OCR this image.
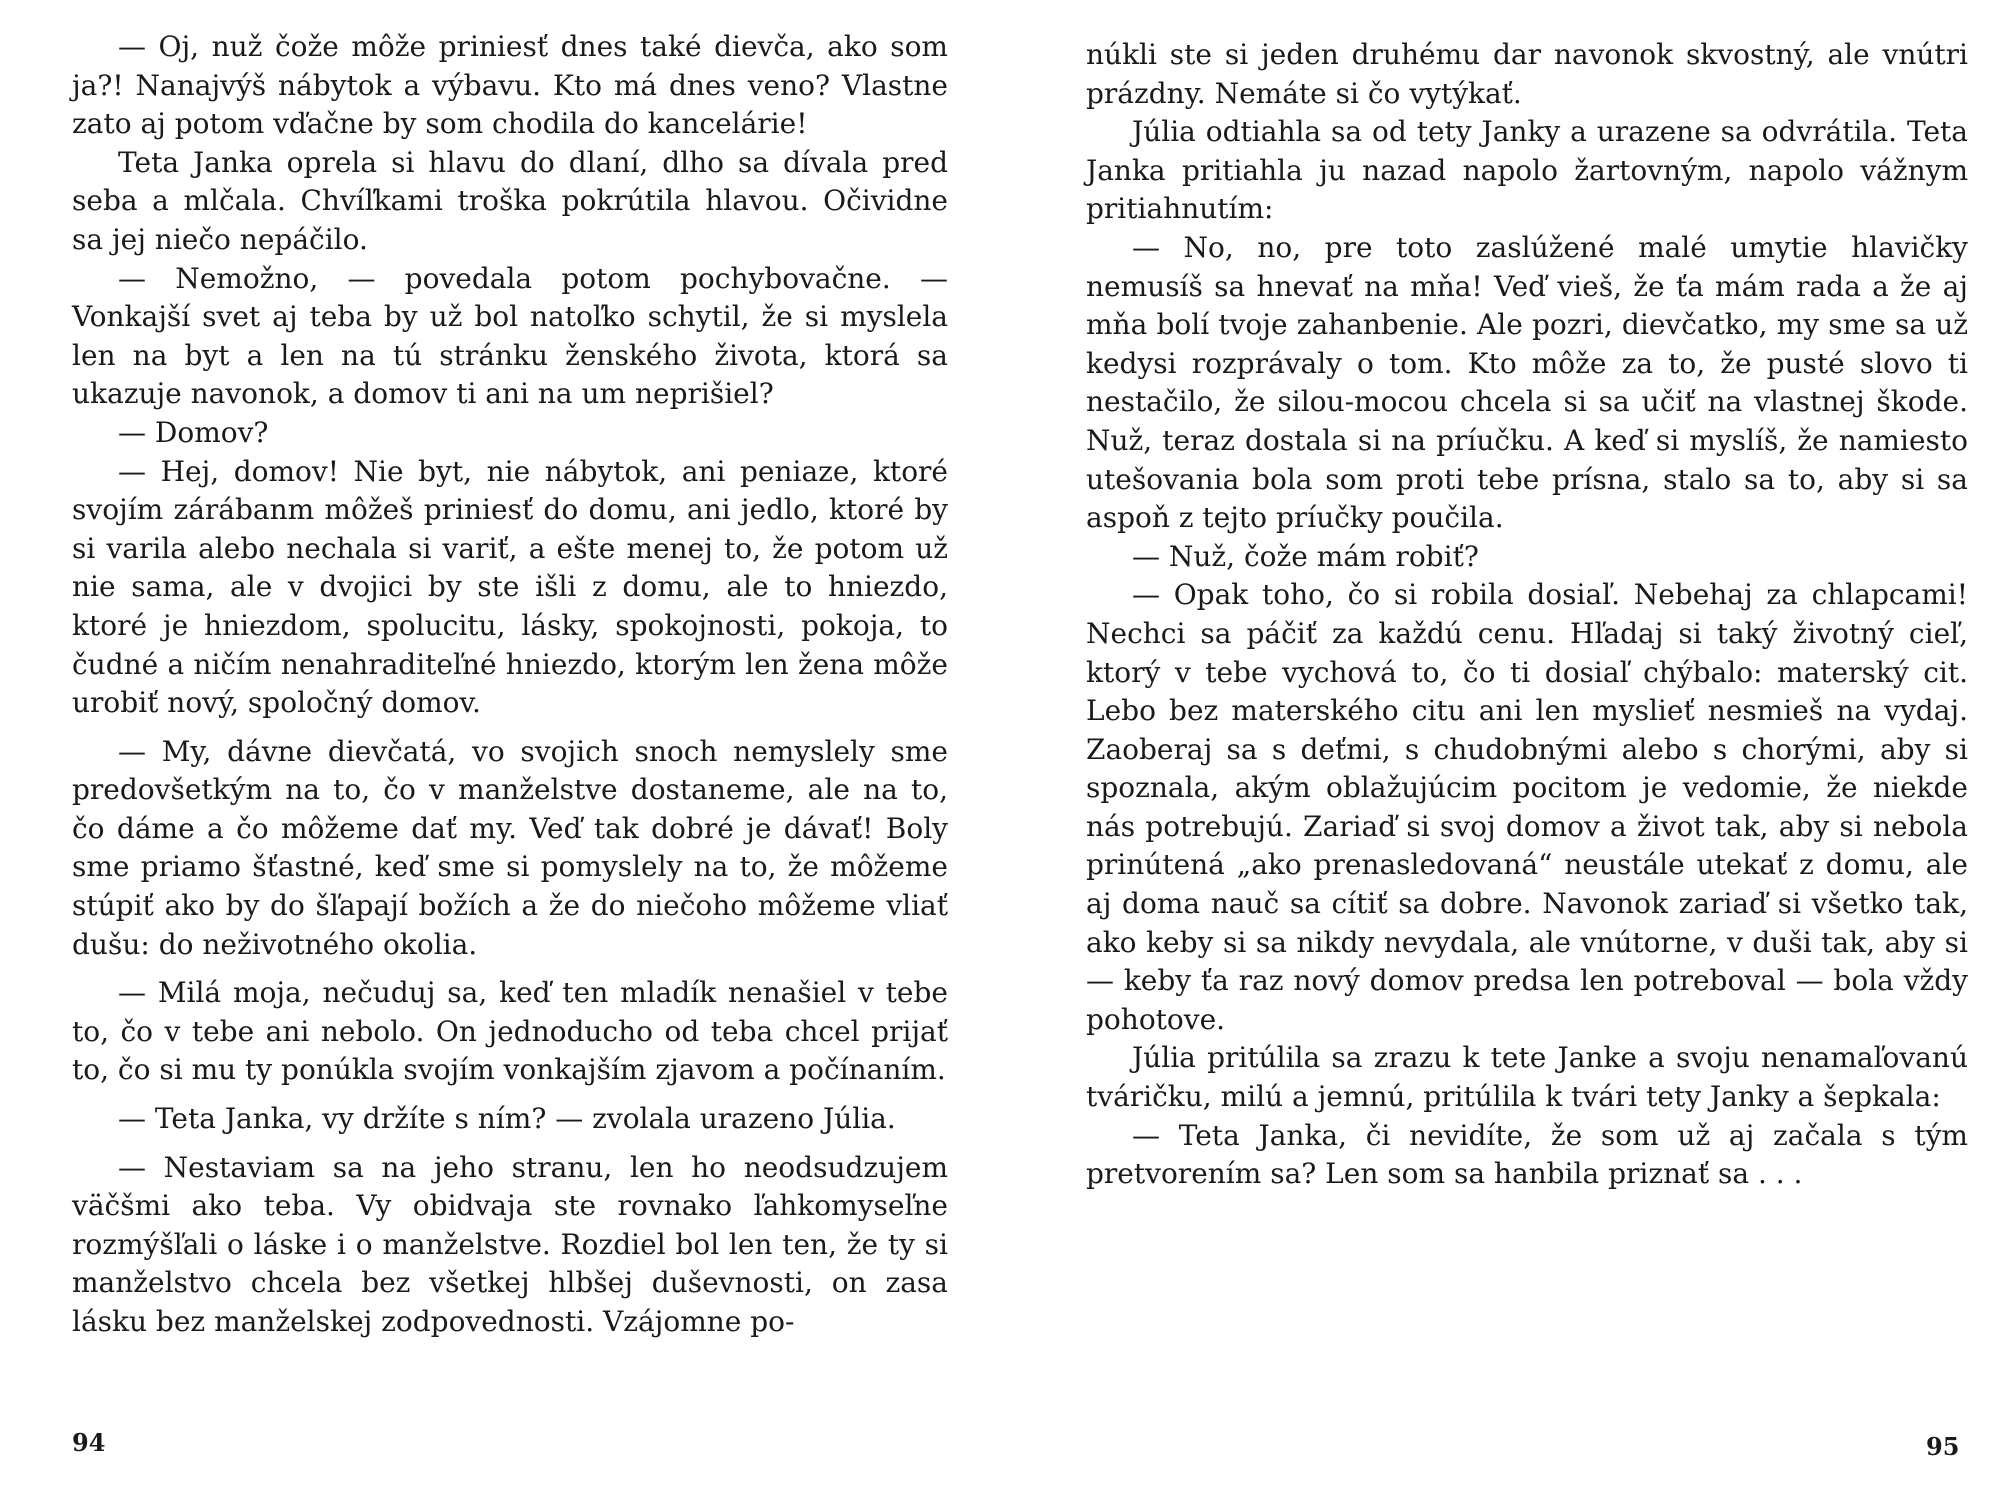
— Oj, nuž čože môže priniesť dnes také dievča, ako som ja?! Nanajvýš nábytok a výbavu. Kto má dnes veno? Vlastne zato aj potom vďačne by som chodila do kancelárie!

Teta Janka oprela si hlavu do dlaní, dlho sa dívala pred seba a mlčala. Chvíľkami troška pokrútila hlavou. Očividne sa jej niečo nepáčilo.

— Nemožno, — povedala potom pochybovačne. — Vonkajší svet aj teba by už bol natoľko schytil, že si myslela len na byt a len na tú stránku ženského života, ktorá sa ukazuje navonok, a domov ti ani na um neprišiel?

— Domov?

— Hej, domov! Nie byt, nie nábytok, ani peniaze, ktoré svojím zárábanm môžeš priniesť do domu, ani jedlo, ktoré by si varila alebo nechala si variť, a ešte menej to, že potom už nie sama, ale v dvojici by ste išli z domu, ale to hniezdo, ktoré je hniezdom, spolucitu, lásky, spokojnosti, pokoja, to čudné a ničím nenahraditeľné hniezdo, ktorým len žena môže urobiť nový, spoločný domov.

— My, dávne dievčatá, vo svojich snoch nemyslely sme predovšetkým na to, čo v manželstve dostaneme, ale na to, čo dáme a čo môžeme dať my. Veď tak dobré je dávať! Boly sme priamo šťastné, keď sme si pomyslely na to, že môžeme stúpiť ako by do šľapají božích a že do niečoho môžeme vliať dušu: do neživotného okolia.

— Milá moja, nečuduj sa, keď ten mladík nenašiel v tebe to, čo v tebe ani nebolo. On jednoducho od teba chcel prijať to, čo si mu ty ponúkla svojím vonkajším zjavom a počínaním.

— Teta Janka, vy držíte s ním? — zvolala urazeno Júlia.

— Nestaviam sa na jeho stranu, len ho neodsudzujem väčšmi ako teba. Vy obidvaja ste rovnako ľahkomyseľne rozmýšľali o láske i o manželstve. Rozdiel bol len ten, že ty si manželstvo chcela bez všetkej hlbšej duševnosti, on zasa lásku bez manželskej zodpovednosti. Vzájomne po-

94

núkli ste si jeden druhému dar navonok skvostný, ale vnútri prázdny. Nemáte si čo vytýkať.

Júlia odtiahla sa od tety Janky a urazene sa odvrátila. Teta Janka pritiahla ju nazad napolo žartovným, napolo vážnym pritiahnutím:

— No, no, pre toto zaslúžené malé umytie hlavičky nemusíš sa hnevať na mňa! Veď vieš, že ťa mám rada a že aj mňa bolí tvoje zahanbenie. Ale pozri, dievčatko, my sme sa už kedysi rozprávaly o tom. Kto môže za to, že pusté slovo ti nestačilo, že silou-mocou chcela si sa učiť na vlastnej škode. Nuž, teraz dostala si na príučku. A keď si myslíš, že namiesto utešovania bola som proti tebe prísna, stalo sa to, aby si sa aspoň z tejto príučky poučila.

— Nuž, čože mám robiť?

— Opak toho, čo si robila dosiaľ. Nebehaj za chlapcami! Nechci sa páčiť za každú cenu. Hľadaj si taký životný cieľ, ktorý v tebe vychová to, čo ti dosiaľ chýbalo: materský cit. Lebo bez materského citu ani len myslieť nesmieš na vydaj. Zaoberaj sa s deťmi, s chudobnými alebo s chorými, aby si spoznala, akým oblažujúcim pocitom je vedomie, že niekde nás potrebujú. Zariaď si svoj domov a život tak, aby si nebola prinútená „ako prenasledovaná“ neustále utekať z domu, ale aj doma nauč sa cítiť sa dobre. Navonok zariaď si všetko tak, ako keby si sa nikdy nevydala, ale vnútorne, v duši tak, aby si — keby ťa raz nový domov predsa len potreboval — bola vždy pohotove.

Júlia pritúlila sa zrazu k tete Janke a svoju nenamaľovanú tváričku, milú a jemnú, pritúlila k tvári tety Janky a šepkala:

— Teta Janka, či nevidíte, že som už aj začala s tým pretvorením sa? Len som sa hanbila priznať sa . . .

95
